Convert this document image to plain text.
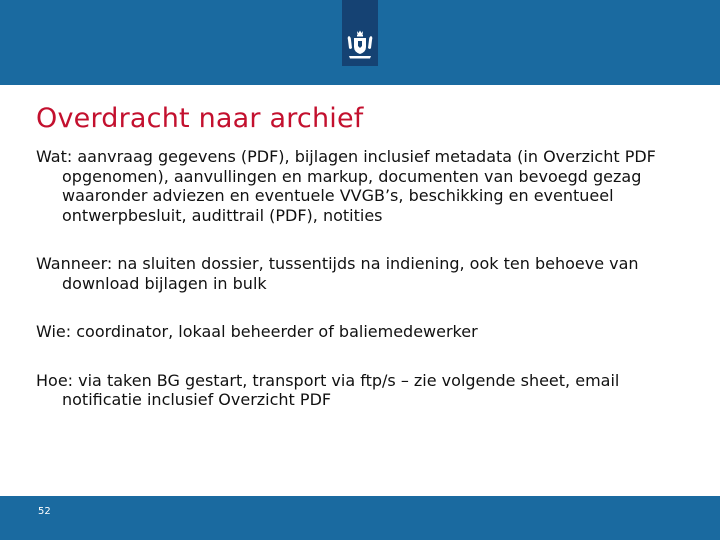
Overdracht naar archief
Wat: aanvraag gegevens (PDF), bijlagen inclusief metadata (in Overzicht PDF opgenomen), aanvullingen en markup, documenten van bevoegd gezag waaronder adviezen en eventuele VVGB’s, beschikking en eventueel ontwerpbesluit, audittrail (PDF), notities
Wanneer: na sluiten dossier, tussentijds na indiening, ook ten behoeve van download bijlagen in bulk
Wie: coordinator, lokaal beheerder of baliemedewerker
Hoe: via taken BG gestart, transport via ftp/s – zie volgende sheet, email notificatie inclusief Overzicht PDF
52
